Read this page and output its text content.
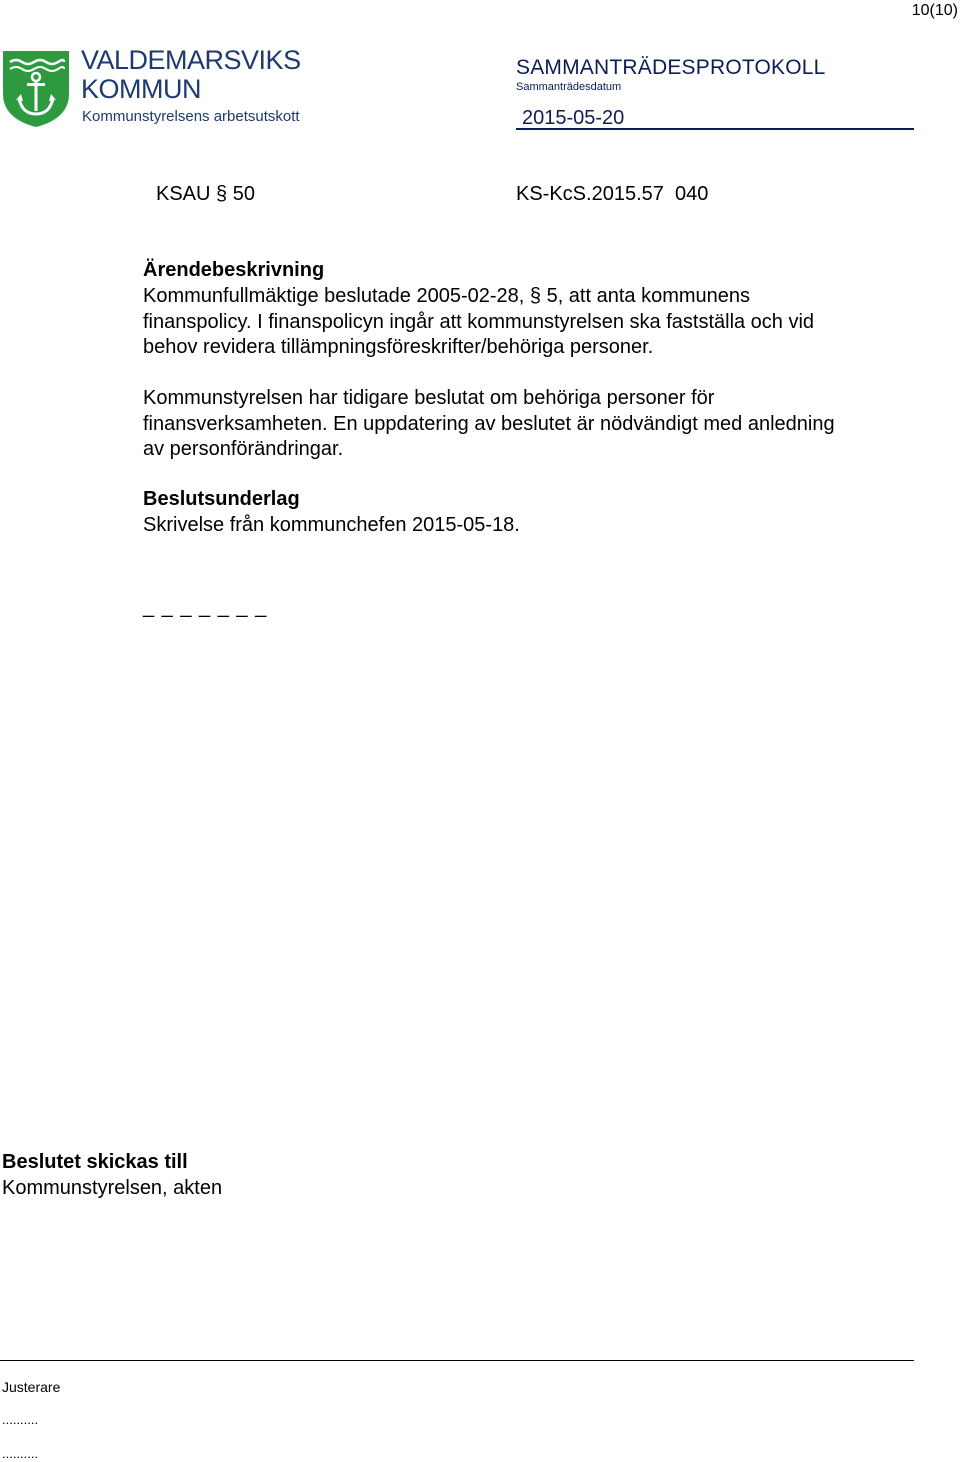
10(10)
VALDEMARSVIKS
KOMMUN
Kommunstyrelsens arbetsutskott
SAMMANTRÄDESPROTOKOLL
Sammanträdesdatum
2015-05-20
KSAU § 50	KS-KcS.2015.57  040
Ärendebeskrivning
Kommunfullmäktige beslutade 2005-02-28, § 5, att anta kommunens
finanspolicy. I finanspolicyn ingår att kommunstyrelsen ska fastställa och vid
behov revidera tillämpningsföreskrifter/behöriga personer.
Kommunstyrelsen har tidigare beslutat om behöriga personer för
finansverksamheten. En uppdatering av beslutet är nödvändigt med anledning
av personförändringar.
Beslutsunderlag
Skrivelse från kommunchefen 2015-05-18.
_ _ _ _ _ _ _
Beslutet skickas till
Kommunstyrelsen, akten
Justerare
..........
..........
